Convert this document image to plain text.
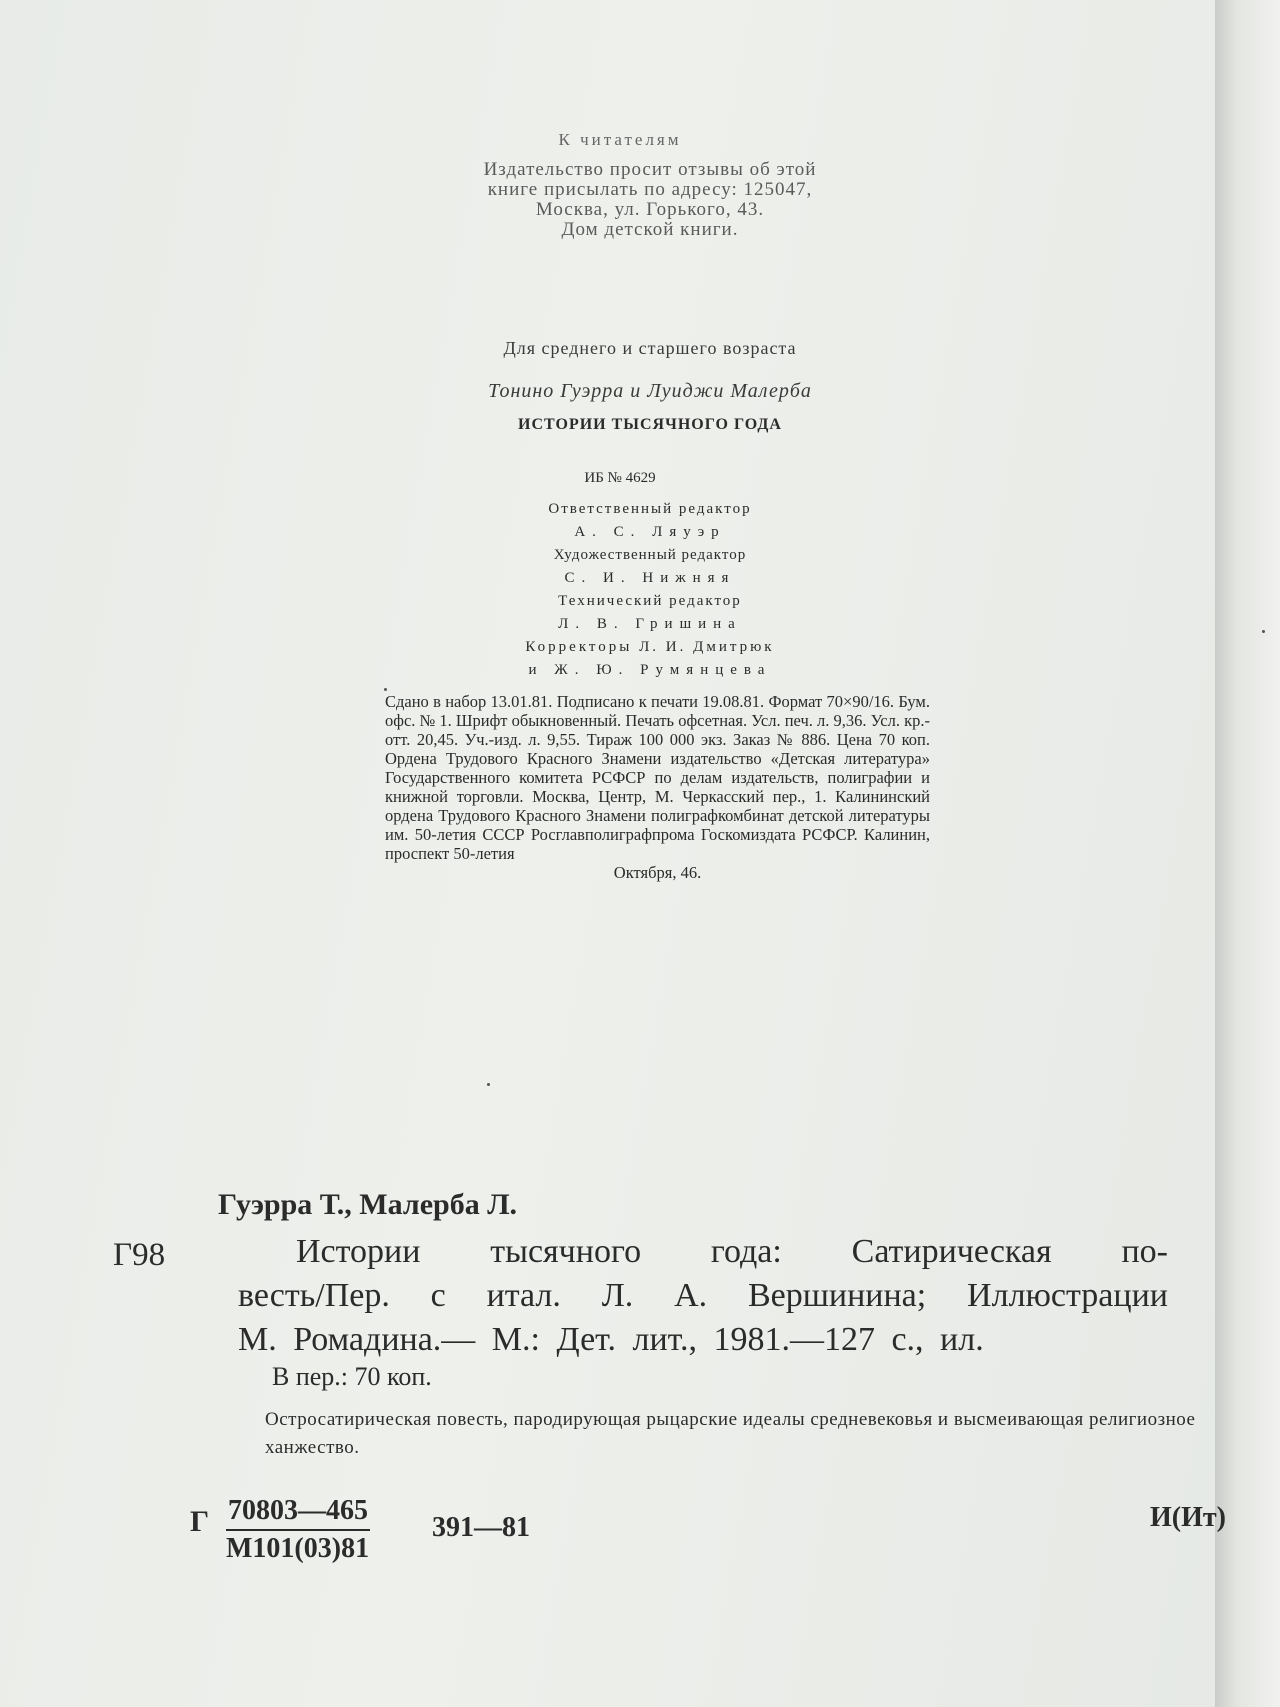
К читателям
Издательство просит отзывы об этой
книге присылать по адресу: 125047,
Москва, ул. Горького, 43.
Дом детской книги.
Для среднего и старшего возраста
Тонино Гуэрра и Луиджи Малерба
ИСТОРИИ ТЫСЯЧНОГО ГОДА
ИБ № 4629
Ответственный редактор
А. С. Ляуэр
Художественный редактор
С. И. Нижняя
Технический редактор
Л. В. Гришина
Корректоры Л. И. Дмитрюк
и Ж. Ю. Румянцева
Сдано в набор 13.01.81. Подписано к печати 19.08.81. Формат 70×90/16. Бум. офс. № 1. Шрифт обыкновенный. Печать офсетная. Усл. печ. л. 9,36. Усл. кр.-отт. 20,45. Уч.-изд. л. 9,55. Тираж 100 000 экз. Заказ № 886. Цена 70 коп. Ордена Трудового Красного Знамени издательство «Детская литература» Государственного комитета РСФСР по делам издательств, полиграфии и книжной торговли. Москва, Центр, М. Черкасский пер., 1. Калининский ордена Трудового Красного Знамени полиграфкомбинат детской литературы им. 50-летия СССР Росглавполиграфпрома Госкомиздата РСФСР. Калинин, проспект 50-летия
Октября, 46.
Гуэрра Т., Малерба Л.
Г98	Истории тысячного года: Сатирическая по-
весть/Пер. с итал. Л. А. Вершинина; Иллюстрации
М. Ромадина.— М.: Дет. лит., 1981.—127 с., ил.
В пер.: 70 коп.
Остросатирическая повесть, пародирующая рыцарские идеалы средневековья и высмеивающая религиозное ханжество.
Г 70803—465
М101(03)81
391—81	И(Ит)
